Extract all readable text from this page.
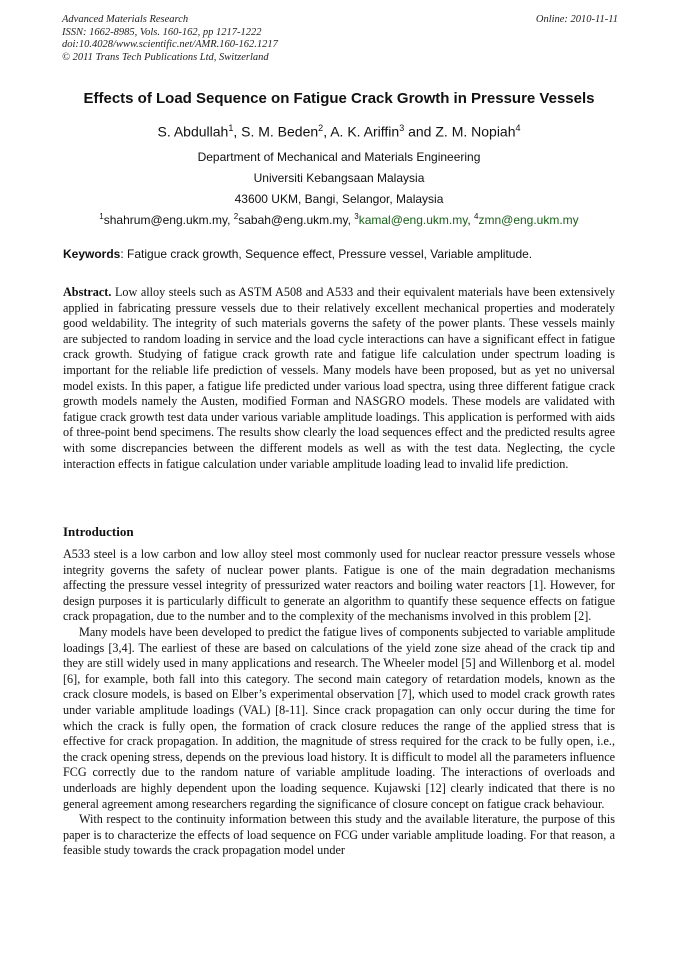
Advanced Materials Research
ISSN: 1662-8985, Vols. 160-162, pp 1217-1222
doi:10.4028/www.scientific.net/AMR.160-162.1217
© 2011 Trans Tech Publications Ltd, Switzerland
Online: 2010-11-11
Effects of Load Sequence on Fatigue Crack Growth in Pressure Vessels
S. Abdullah$^1$, S. M. Beden$^2$, A. K. Ariffin$^3$ and Z. M. Nopiah$^4$
Department of Mechanical and Materials Engineering
Universiti Kebangsaan Malaysia
43600 UKM, Bangi, Selangor, Malaysia
$^1$shahrum@eng.ukm.my, $^2$sabah@eng.ukm.my, $^3$kamal@eng.ukm.my, $^4$zmn@eng.ukm.my
Keywords: Fatigue crack growth, Sequence effect, Pressure vessel, Variable amplitude.

Abstract. Low alloy steels such as ASTM A508 and A533 and their equivalent materials have been extensively applied in fabricating pressure vessels due to their relatively excellent mechanical properties and moderately good weldability. The integrity of such materials governs the safety of the power plants. These vessels mainly are subjected to random loading in service and the load cycle interactions can have a significant effect in fatigue crack growth. Studying of fatigue crack growth rate and fatigue life calculation under spectrum loading is important for the reliable life prediction of vessels. Many models have been proposed, but as yet no universal model exists. In this paper, a fatigue life predicted under various load spectra, using three different fatigue crack growth models namely the Austen, modified Forman and NASGRO models. These models are validated with fatigue crack growth test data under various variable amplitude loadings. This application is performed with aids of three-point bend specimens. The results show clearly the load sequences effect and the predicted results agree with some discrepancies between the different models as well as with the test data. Neglecting, the cycle interaction effects in fatigue calculation under variable amplitude loading lead to invalid life prediction.

Introduction

A533 steel is a low carbon and low alloy steel most commonly used for nuclear reactor pressure vessels whose integrity governs the safety of nuclear power plants. Fatigue is one of the main degradation mechanisms affecting the pressure vessel integrity of pressurized water reactors and boiling water reactors [1]. However, for design purposes it is particularly difficult to generate an algorithm to quantify these sequence effects on fatigue crack propagation, due to the number and to the complexity of the mechanisms involved in this problem [2].

Many models have been developed to predict the fatigue lives of components subjected to variable amplitude loadings [3,4]. The earliest of these are based on calculations of the yield zone size ahead of the crack tip and they are still widely used in many applications and research. The Wheeler model [5] and Willenborg et al. model [6], for example, both fall into this category. The second main category of retardation models, known as the crack closure models, is based on Elber’s experimental observation [7], which used to model crack growth rates under variable amplitude loadings (VAL) [8-11]. Since crack propagation can only occur during the time for which the crack is fully open, the formation of crack closure reduces the range of the applied stress that is effective for crack propagation. In addition, the magnitude of stress required for the crack to be fully open, i.e., the crack opening stress, depends on the previous load history. It is difficult to model all the parameters influence FCG correctly due to the random nature of variable amplitude loading. The interactions of overloads and underloads are highly dependent upon the loading sequence. Kujawski [12] clearly indicated that there is no general agreement among researchers regarding the significance of closure concept on fatigue crack behaviour.

With respect to the continuity information between this study and the available literature, the purpose of this paper is to characterize the effects of load sequence on FCG under variable amplitude loading. For that reason, a feasible study towards the crack propagation model under
